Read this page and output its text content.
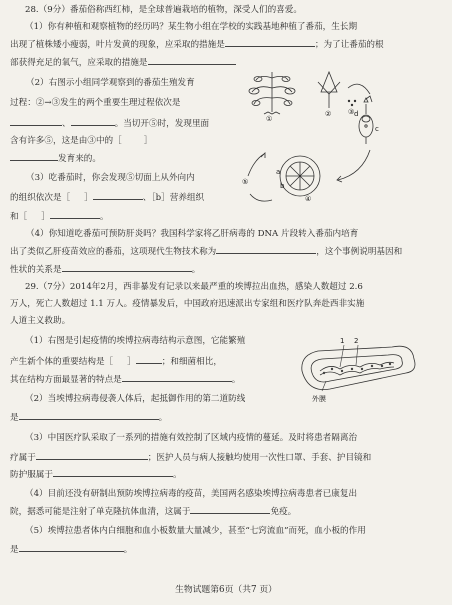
28.（9分）番茄俗称西红柿，是全球普遍栽培的植物，深受人们的喜爱。
（1）你有种植和观察植物的经历吗？某生物小组在学校的实践基地种植了番茄，生长期
出现了植株矮小瘦弱，叶片发黄的现象，应采取的措施是	；为了让番茄的根
部获得充足的氧气，应采取的措施是
（2）右图示小组同学观察到的番茄生殖发育
过程：②→③发生的两个重要生理过程依次是
、	。当切开⑤时，发现里面
含有许多⑤，这是由③中的［	］
发育来的。
（3）吃番茄时，你会发现⑤切面上从外向内
的组织依次是［ ］	、［b］营养组织
和［ ］	。
（4）你知道吃番茄可预防肝炎吗？我国科学家将乙肝病毒的 DNA 片段转入番茄内培育
出了类似乙肝疫苗效应的番茄，这项现代生物技术称为	，这个事例说明基因和
性状的关系是	。
①
② ③
④
⑤
a
b
c
d
29.（7分）2014年2月，西非暴发有记录以来最严重的埃博拉出血热，感染人数超过 2.6
万人，死亡人数超过 1.1 万人。疫情暴发后，中国政府迅速派出专家组和医疗队奔赴西非实施
人道主义救助。
（1）右图是引起疫情的埃博拉病毒结构示意图，它能繁殖
产生新个体的重要结构是［ ］	；和细菌相比，
其在结构方面最显著的特点是	。
（2）当埃博拉病毒侵袭人体后，起抵御作用的第二道防线
是	。
（3）中国医疗队采取了一系列的措施有效控制了区域内疫情的蔓延。及时将患者隔离治
疗属于	；医护人员与病人接触均使用一次性口罩、手套、护目镜和
防护服属于	。
（4）目前还没有研制出预防埃博拉病毒的疫苗，美国两名感染埃博拉病毒患者已康复出
院，据悉可能是注射了单克隆抗体血清，这属于	免疫。
（5）埃博拉患者体内白细胞和血小板数量大量减少，甚至“七窍流血”而死，血小板的作用
是	。
1 2
外膜
生物试题第6页（共7 页）
